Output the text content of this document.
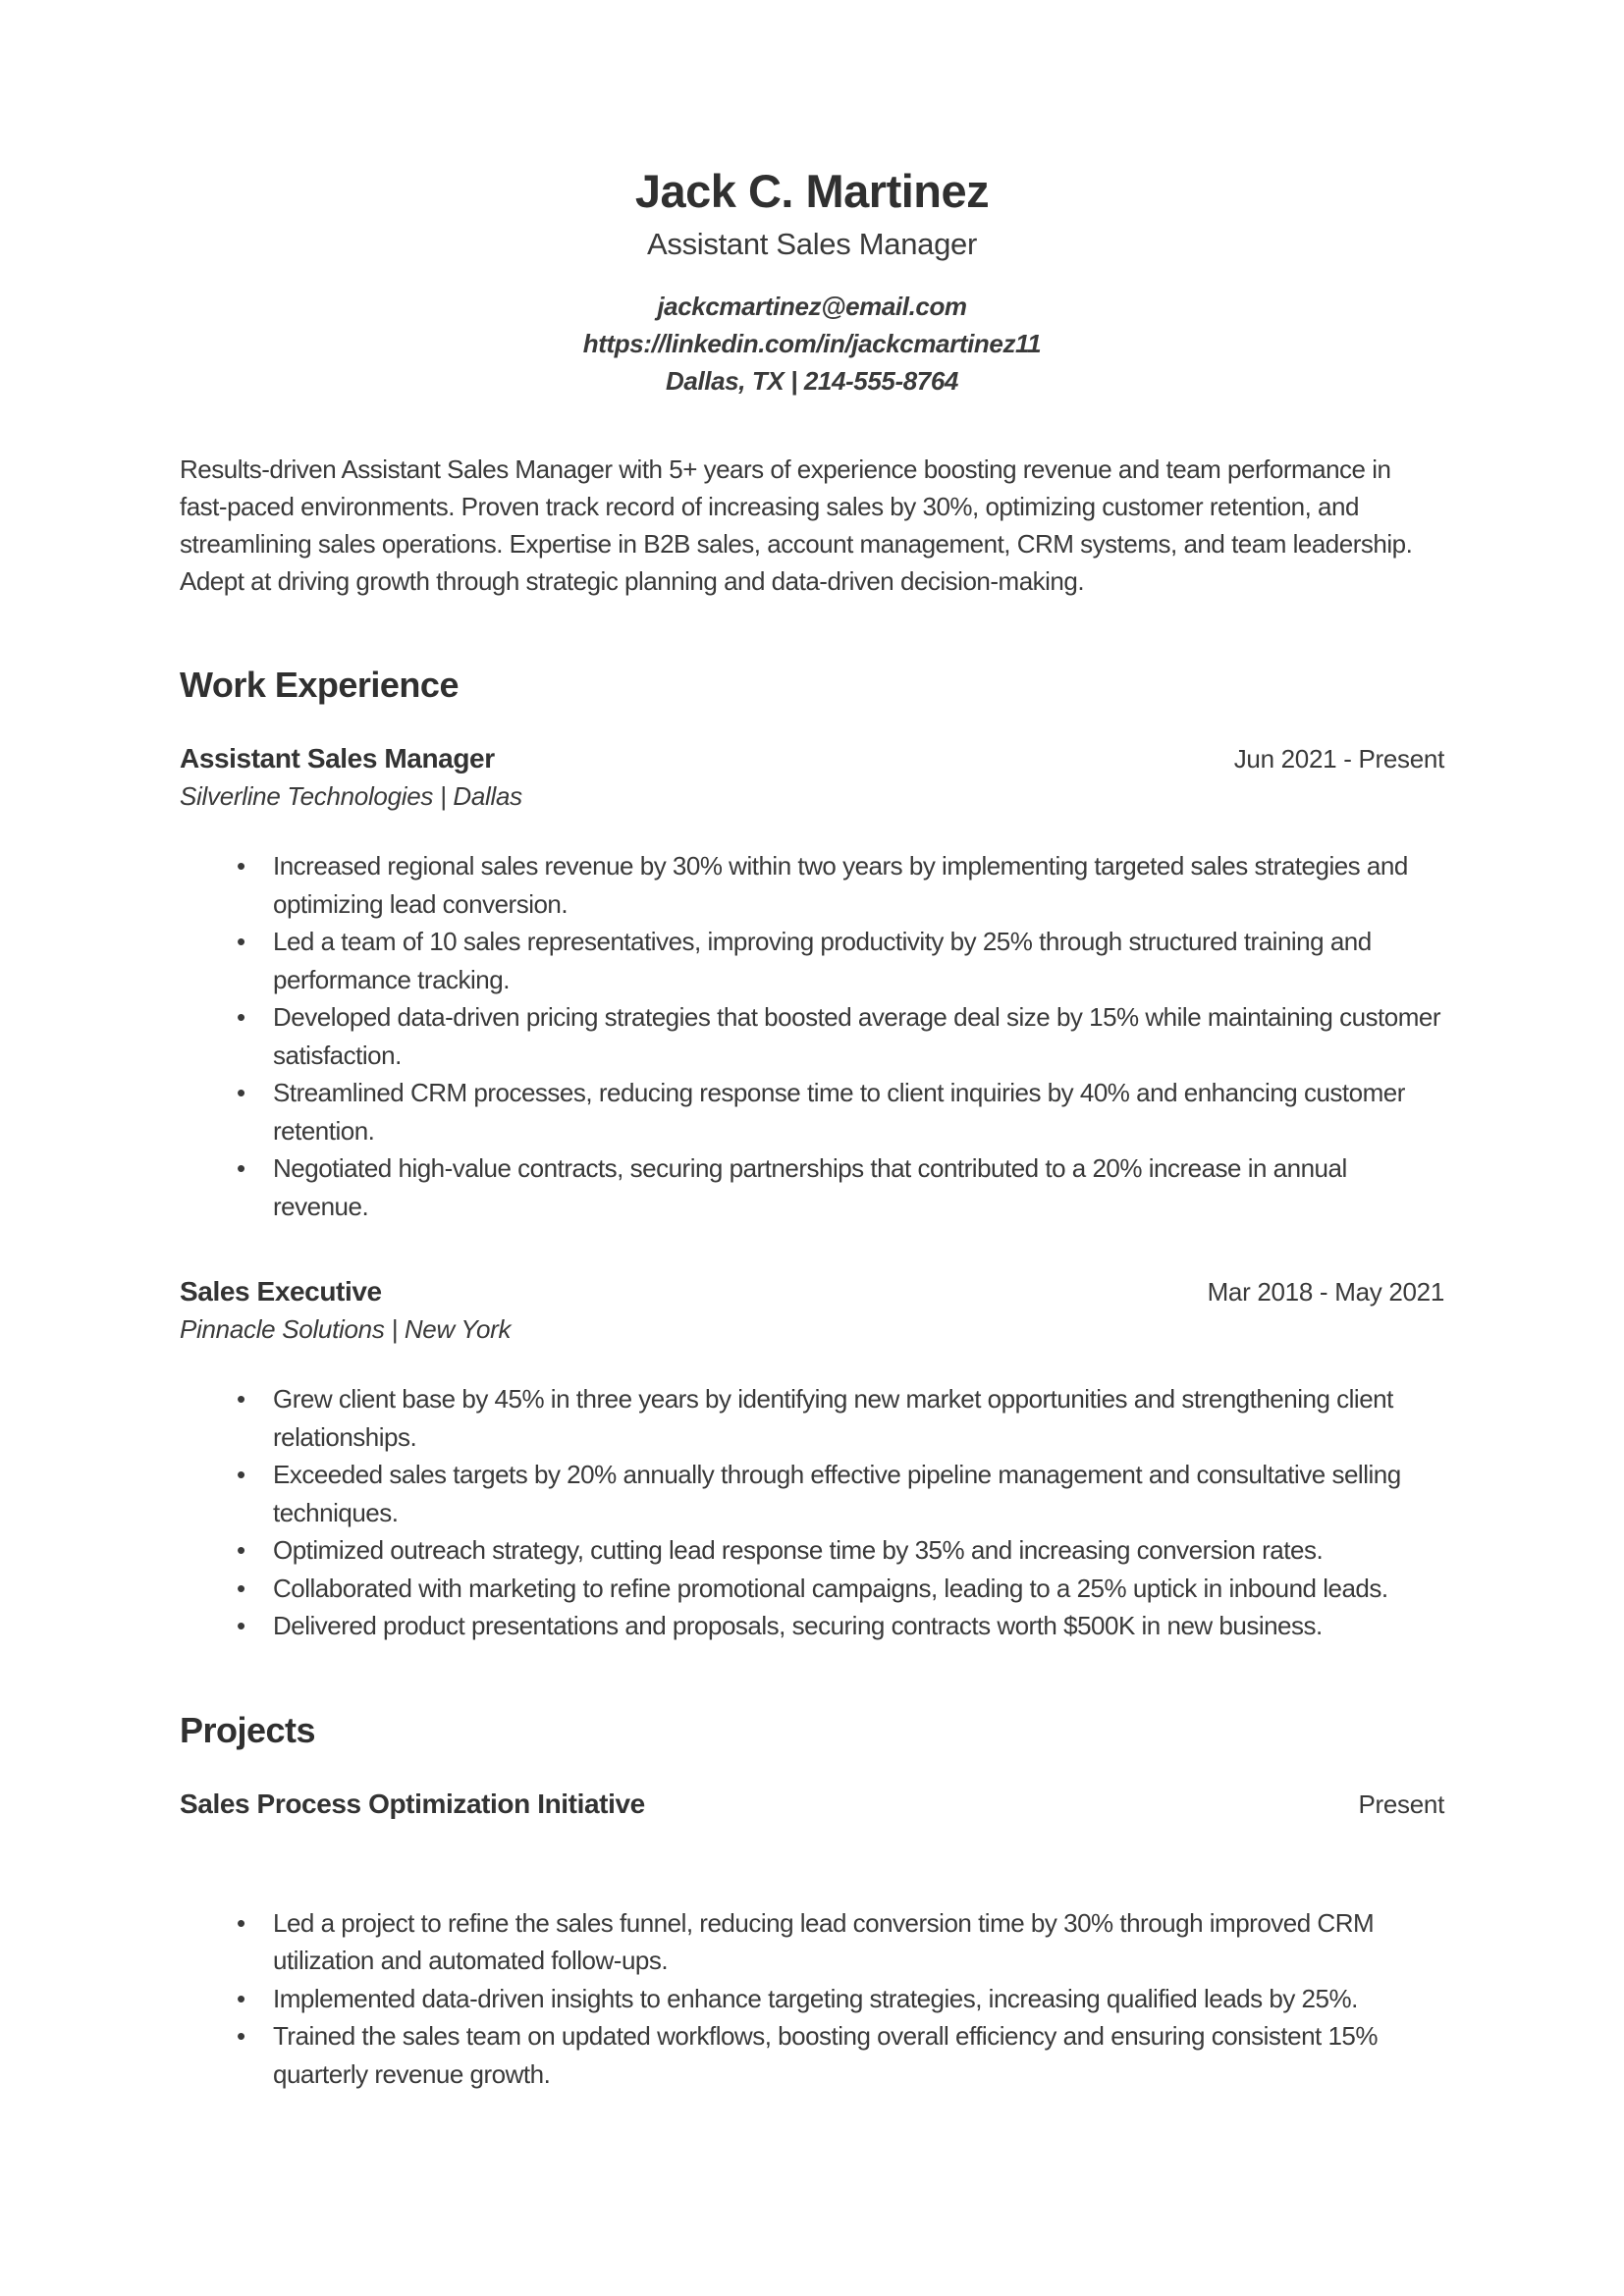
Jack C. Martinez
Assistant Sales Manager
jackcmartinez@email.com
https://linkedin.com/in/jackcmartinez11
Dallas, TX | 214-555-8764

Results-driven Assistant Sales Manager with 5+ years of experience boosting revenue and team performance in fast-paced environments. Proven track record of increasing sales by 30%, optimizing customer retention, and streamlining sales operations. Expertise in B2B sales, account management, CRM systems, and team leadership. Adept at driving growth through strategic planning and data-driven decision-making.

Work Experience
Assistant Sales Manager	Jun 2021 - Present
Silverline Technologies | Dallas
• Increased regional sales revenue by 30% within two years by implementing targeted sales strategies and optimizing lead conversion.
• Led a team of 10 sales representatives, improving productivity by 25% through structured training and performance tracking.
• Developed data-driven pricing strategies that boosted average deal size by 15% while maintaining customer satisfaction.
• Streamlined CRM processes, reducing response time to client inquiries by 40% and enhancing customer retention.
• Negotiated high-value contracts, securing partnerships that contributed to a 20% increase in annual revenue.
Sales Executive	Mar 2018 - May 2021
Pinnacle Solutions | New York
• Grew client base by 45% in three years by identifying new market opportunities and strengthening client relationships.
• Exceeded sales targets by 20% annually through effective pipeline management and consultative selling techniques.
• Optimized outreach strategy, cutting lead response time by 35% and increasing conversion rates.
• Collaborated with marketing to refine promotional campaigns, leading to a 25% uptick in inbound leads.
• Delivered product presentations and proposals, securing contracts worth $500K in new business.
Projects
Sales Process Optimization Initiative	Present
• Led a project to refine the sales funnel, reducing lead conversion time by 30% through improved CRM utilization and automated follow-ups.
• Implemented data-driven insights to enhance targeting strategies, increasing qualified leads by 25%.
• Trained the sales team on updated workflows, boosting overall efficiency and ensuring consistent 15% quarterly revenue growth.
